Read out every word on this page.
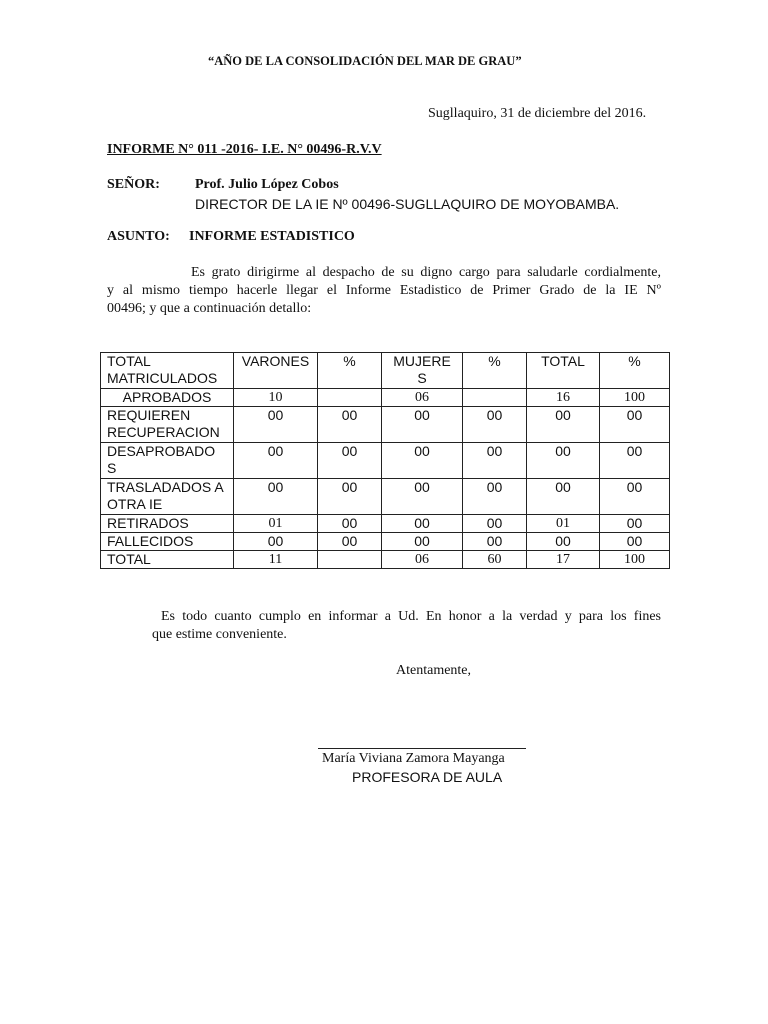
“AÑO DE LA CONSOLIDACIÓN DEL MAR DE GRAU”
Sugllaquiro, 31 de diciembre del 2016.
INFORME N° 011 -2016- I.E. N° 00496-R.V.V
SEÑOR:	Prof. Julio López Cobos
DIRECTOR DE LA IE Nº 00496-SUGLLAQUIRO DE MOYOBAMBA.
ASUNTO: INFORME ESTADISTICO
Es grato dirigirme al despacho de su digno cargo para saludarle cordialmente,
y al mismo tiempo hacerle llegar el Informe Estadistico de Primer Grado de la IE Nº
00496; y que a continuación detallo:
TOTAL MATRICULADOS	VARONES	%	MUJERE S	%	TOTAL	%
APROBADOS	10		06		16	100
REQUIEREN RECUPERACION	00	00	00	00	00	00
DESAPROBADO S	00	00	00	00	00	00
TRASLADADOS A OTRA IE	00	00	00	00	00	00
RETIRADOS	01	00	00	00	01	00
FALLECIDOS	00	00	00	00	00	00
TOTAL	11		06	60	17	100
Es todo cuanto cumplo en informar a Ud. En honor a la verdad y para los fines
que estime conveniente.
Atentamente,
María Viviana Zamora Mayanga
PROFESORA DE AULA
